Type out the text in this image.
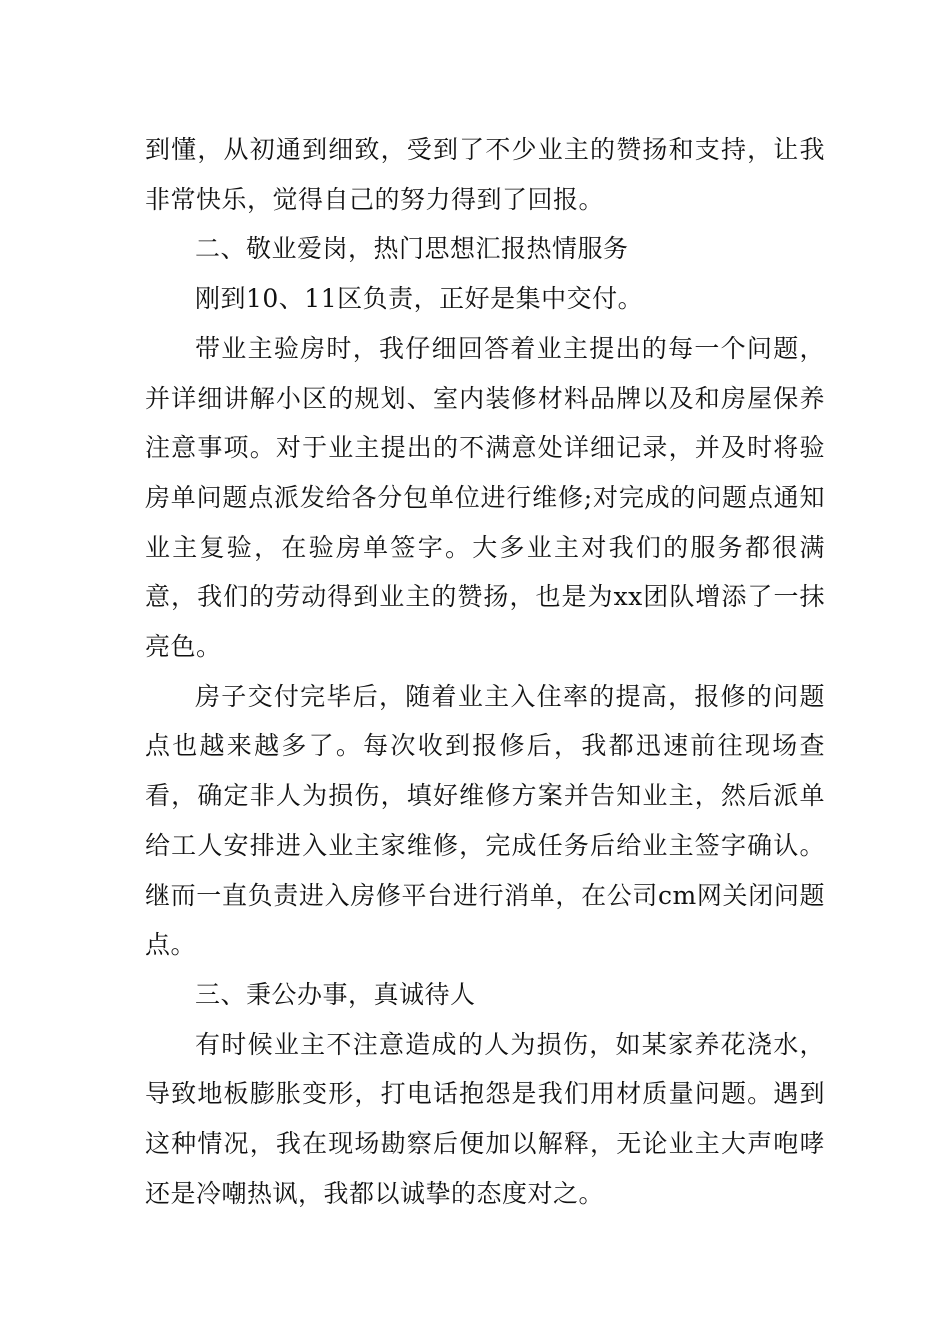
到懂，从初通到细致，受到了不少业主的赞扬和支持，让我非常快乐，觉得自己的努力得到了回报。

二、敬业爱岗，热门思想汇报热情服务

刚到10、11区负责，正好是集中交付。

带业主验房时，我仔细回答着业主提出的每一个问题，并详细讲解小区的规划、室内装修材料品牌以及和房屋保养注意事项。对于业主提出的不满意处详细记录，并及时将验房单问题点派发给各分包单位进行维修;对完成的问题点通知业主复验，在验房单签字。大多业主对我们的服务都很满意，我们的劳动得到业主的赞扬，也是为xx团队增添了一抹亮色。

房子交付完毕后，随着业主入住率的提高，报修的问题点也越来越多了。每次收到报修后，我都迅速前往现场查看，确定非人为损伤，填好维修方案并告知业主，然后派单给工人安排进入业主家维修，完成任务后给业主签字确认。继而一直负责进入房修平台进行消单，在公司cm网关闭问题点。

三、秉公办事，真诚待人

有时候业主不注意造成的人为损伤，如某家养花浇水，导致地板膨胀变形，打电话抱怨是我们用材质量问题。遇到这种情况，我在现场勘察后便加以解释，无论业主大声咆哮还是冷嘲热讽，我都以诚挚的态度对之。
